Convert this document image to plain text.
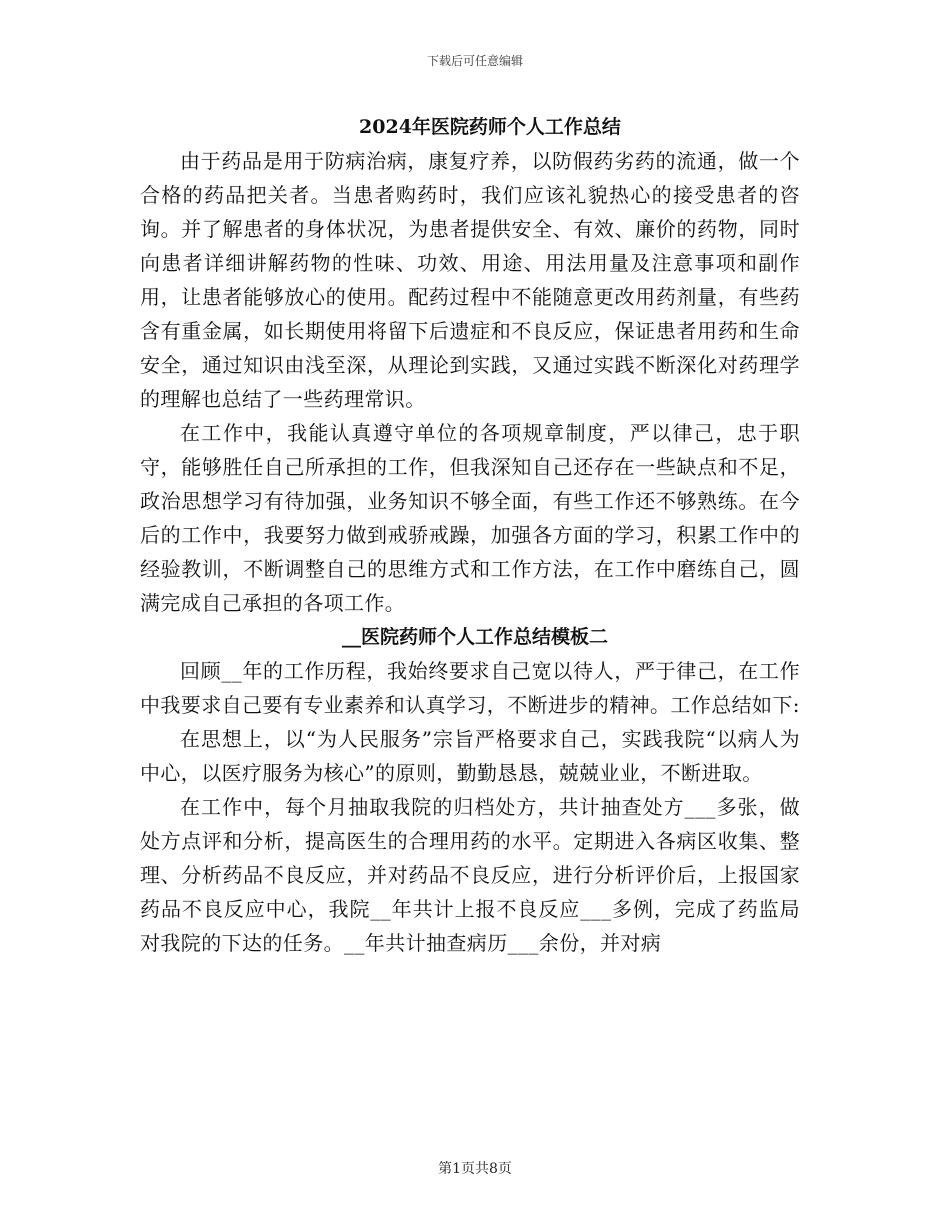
下载后可任意编辑
2024年医院药师个人工作总结

由于药品是用于防病治病，康复疗养，以防假药劣药的流通，做一个合格的药品把关者。当患者购药时，我们应该礼貌热心的接受患者的咨询。并了解患者的身体状况，为患者提供安全、有效、廉价的药物，同时向患者详细讲解药物的性味、功效、用途、用法用量及注意事项和副作用，让患者能够放心的使用。配药过程中不能随意更改用药剂量，有些药含有重金属，如长期使用将留下后遗症和不良反应，保证患者用药和生命安全，通过知识由浅至深，从理论到实践，又通过实践不断深化对药理学的理解也总结了一些药理常识。

在工作中，我能认真遵守单位的各项规章制度，严以律己，忠于职守，能够胜任自己所承担的工作，但我深知自己还存在一些缺点和不足，政治思想学习有待加强，业务知识不够全面，有些工作还不够熟练。在今后的工作中，我要努力做到戒骄戒躁，加强各方面的学习，积累工作中的经验教训，不断调整自己的思维方式和工作方法，在工作中磨练自己，圆满完成自己承担的各项工作。

__医院药师个人工作总结模板二

回顾__年的工作历程，我始终要求自己宽以待人，严于律己，在工作中我要求自己要有专业素养和认真学习，不断进步的精神。工作总结如下:

在思想上，以“为人民服务”宗旨严格要求自己，实践我院“以病人为中心，以医疗服务为核心”的原则，勤勤恳恳，兢兢业业，不断进取。

在工作中，每个月抽取我院的归档处方，共计抽查处方___多张，做处方点评和分析，提高医生的合理用药的水平。定期进入各病区收集、整理、分析药品不良反应，并对药品不良反应，进行分析评价后，上报国家药品不良反应中心，我院__年共计上报不良反应___多例，完成了药监局对我院的下达的任务。__年共计抽查病历___余份，并对病

第1页共8页
